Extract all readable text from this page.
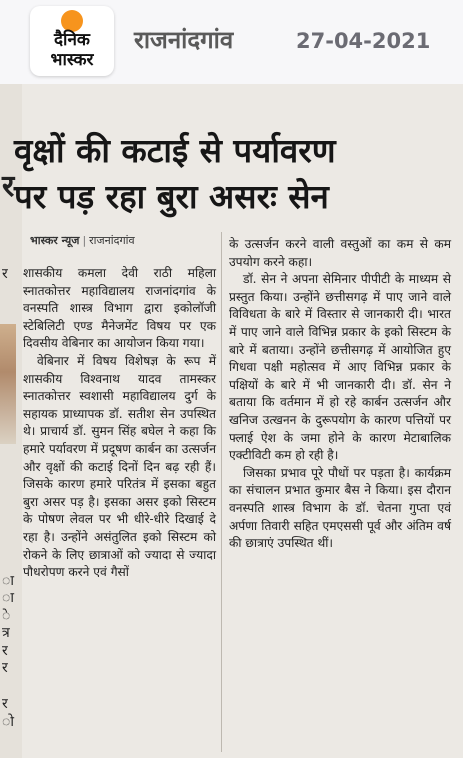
दैनिक
भास्कर
राजनांदगांव	27-04-2021
र
र
ा
ा
े
त्र
र
र
र
ो
वृक्षों की कटाई से पर्यावरण
पर पड़ रहा बुरा असरः सेन
भास्कर न्यूज | राजनांदगांव

शासकीय कमला देवी राठी महिला स्नातकोत्तर महाविद्यालय राजनांदगांव के वनस्पति शास्त्र विभाग द्वारा इकोलॉजी स्टेबिलिटी एण्ड मैनेजमेंट विषय पर एक दिवसीय वेबिनार का आयोजन किया गया।

वेबिनार में विषय विशेषज्ञ के रूप में शासकीय विश्वनाथ यादव तामस्कर स्नातकोत्तर स्वशासी महाविद्यालय दुर्ग के सहायक प्राध्यापक डॉ. सतीश सेन उपस्थित थे। प्राचार्य डॉ. सुमन सिंह बघेल ने कहा कि हमारे पर्यावरण में प्रदूषण कार्बन का उत्सर्जन और वृक्षों की कटाई दिनों दिन बढ़ रही हैं। जिसके कारण हमारे परितंत्र में इसका बहुत बुरा असर पड़ है। इसका असर इको सिस्टम के पोषण लेवल पर भी धीरे-धीरे दिखाई दे रहा है। उन्होंने असंतुलित इको सिस्टम को रोकने के लिए छात्राओं को ज्यादा से ज्यादा पौधरोपण करने एवं गैसों

के उत्सर्जन करने वाली वस्तुओं का कम से कम उपयोग करने कहा।

डॉ. सेन ने अपना सेमिनार पीपीटी के माध्यम से प्रस्तुत किया। उन्होंने छत्तीसगढ़ में पाए जाने वाले विविधता के बारे में विस्तार से जानकारी दी। भारत में पाए जाने वाले विभिन्न प्रकार के इको सिस्टम के बारे में बताया। उन्होंने छत्तीसगढ़ में आयोजित हुए गिधवा पक्षी महोत्सव में आए विभिन्न प्रकार के पक्षियों के बारे में भी जानकारी दी। डॉ. सेन ने बताया कि वर्तमान में हो रहे कार्बन उत्सर्जन और खनिज उत्खनन के दुरूपयोग के कारण पत्तियों पर फ्लाई ऐश के जमा होने के कारण मेटाबालिक एक्टीविटी कम हो रही है।

जिसका प्रभाव पूरे पौधों पर पड़ता है। कार्यक्रम का संचालन प्रभात कुमार बैस ने किया। इस दौरान वनस्पति शास्त्र विभाग के डॉ. चेतना गुप्ता एवं अर्पणा तिवारी सहित एमएससी पूर्व और अंतिम वर्ष की छात्राएं उपस्थित थीं।
